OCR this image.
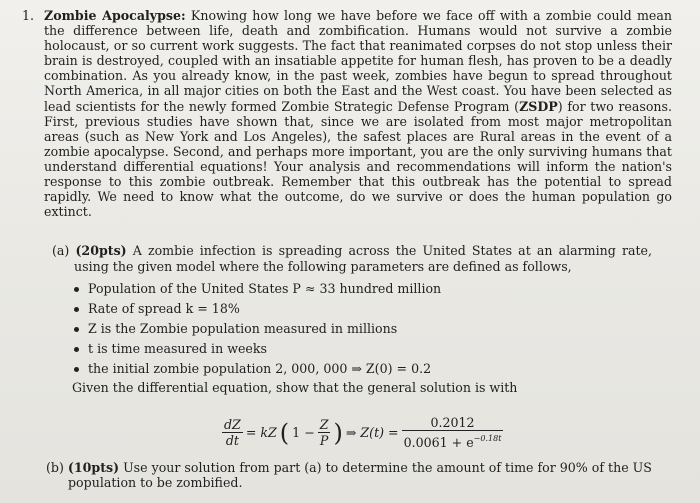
1. Zombie Apocalypse: Knowing how long we have before we face off with a zombie could mean the difference between life, death and zombification. Humans would not survive a zombie holocaust, or so current work suggests. The fact that reanimated corpses do not stop unless their brain is destroyed, coupled with an insatiable appetite for human flesh, has proven to be a deadly combination. As you already know, in the past week, zombies have begun to spread throughout North America, in all major cities on both the East and the West coast. You have been selected as lead scientists for the newly formed Zombie Strategic Defense Program (ZSDP) for two reasons. First, previous studies have shown that, since we are isolated from most major metropolitan areas (such as New York and Los Angeles), the safest places are Rural areas in the event of a zombie apocalypse. Second, and perhaps more important, you are the only surviving humans that understand differential equations! Your analysis and recommendations will inform the nation's response to this zombie outbreak. Remember that this outbreak has the potential to spread rapidly. We need to know what the outcome, do we survive or does the human population go extinct.
(a) (20pts) A zombie infection is spreading across the United States at an alarming rate, using the given model where the following parameters are defined as follows,
Population of the United States P ≈ 33 hundred million
Rate of spread k = 18%
Z is the Zombie population measured in millions
t is time measured in weeks
the initial zombie population 2, 000, 000 ⇒ Z(0) = 0.2
Given the differential equation, show that the general solution is with
$\frac{dZ}{dt}$ = kZ ( $1 - \frac{Z}{P}$ ) ⇒ $Z(t) = \frac{0.2012}{0.0061 + e^{-0.18t}}$
(b) (10pts) Use your solution from part (a) to determine the amount of time for 90% of the US population to be zombified.
